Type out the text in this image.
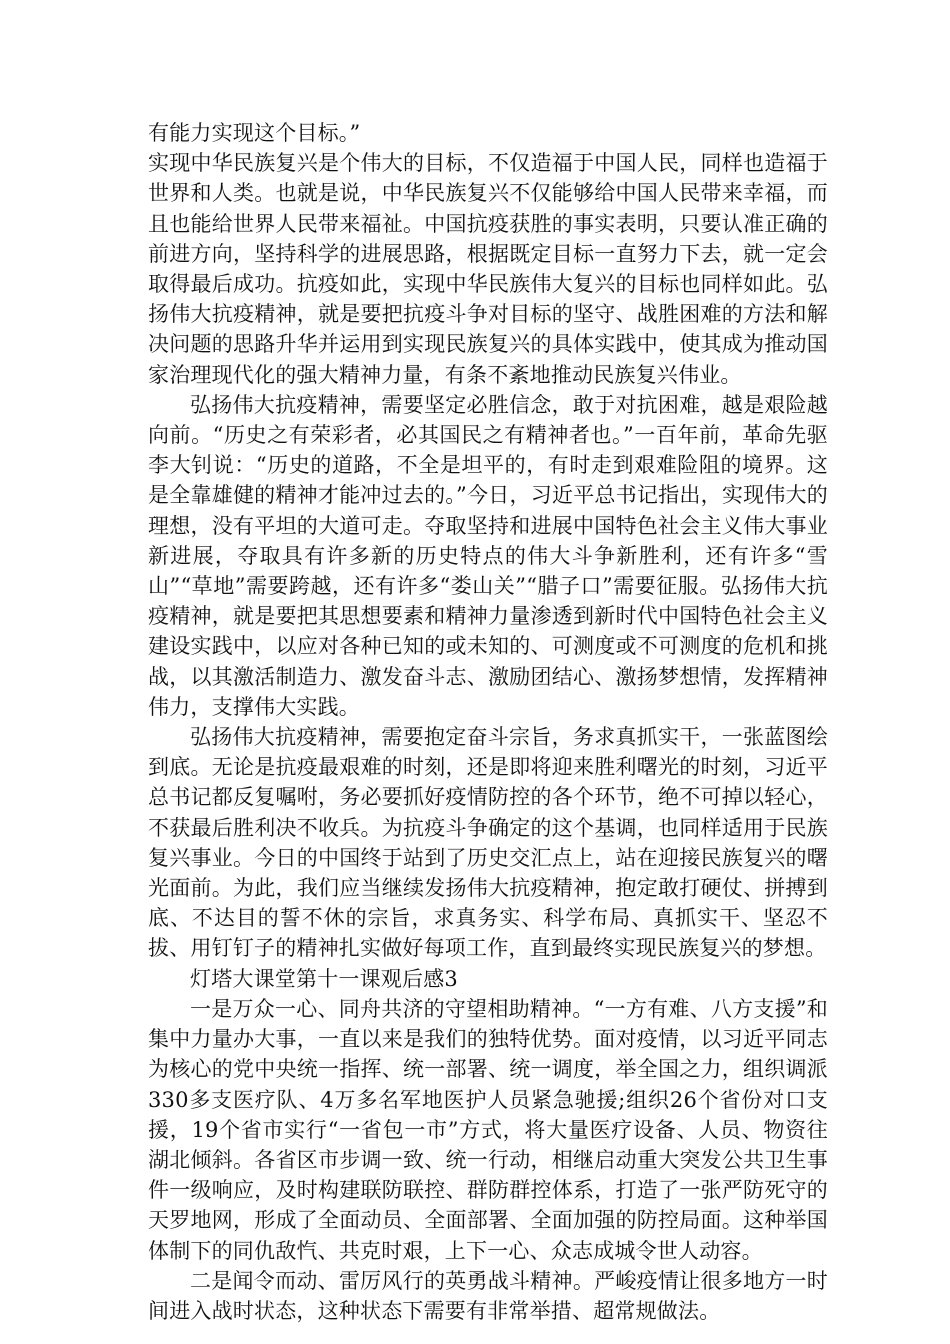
有能力实现这个目标。”

实现中华民族复兴是个伟大的目标，不仅造福于中国人民，同样也造福于世界和人类。也就是说，中华民族复兴不仅能够给中国人民带来幸福，而且也能给世界人民带来福祉。中国抗疫获胜的事实表明，只要认准正确的前进方向，坚持科学的进展思路，根据既定目标一直努力下去，就一定会取得最后成功。抗疫如此，实现中华民族伟大复兴的目标也同样如此。弘扬伟大抗疫精神，就是要把抗疫斗争对目标的坚守、战胜困难的方法和解决问题的思路升华并运用到实现民族复兴的具体实践中，使其成为推动国家治理现代化的强大精神力量，有条不紊地推动民族复兴伟业。

弘扬伟大抗疫精神，需要坚定必胜信念，敢于对抗困难，越是艰险越向前。“历史之有荣彩者，必其国民之有精神者也。”一百年前，革命先驱李大钊说：“历史的道路，不全是坦平的，有时走到艰难险阻的境界。这是全靠雄健的精神才能冲过去的。”今日，习近平总书记指出，实现伟大的理想，没有平坦的大道可走。夺取坚持和进展中国特色社会主义伟大事业新进展，夺取具有许多新的历史特点的伟大斗争新胜利，还有许多“雪山”“草地”需要跨越，还有许多“娄山关”“腊子口”需要征服。弘扬伟大抗疫精神，就是要把其思想要素和精神力量渗透到新时代中国特色社会主义建设实践中，以应对各种已知的或未知的、可测度或不可测度的危机和挑战，以其激活制造力、激发奋斗志、激励团结心、激扬梦想情，发挥精神伟力，支撑伟大实践。

弘扬伟大抗疫精神，需要抱定奋斗宗旨，务求真抓实干，一张蓝图绘到底。无论是抗疫最艰难的时刻，还是即将迎来胜利曙光的时刻，习近平总书记都反复嘱咐，务必要抓好疫情防控的各个环节，绝不可掉以轻心，不获最后胜利决不收兵。为抗疫斗争确定的这个基调，也同样适用于民族复兴事业。今日的中国终于站到了历史交汇点上，站在迎接民族复兴的曙光面前。为此，我们应当继续发扬伟大抗疫精神，抱定敢打硬仗、拼搏到底、不达目的誓不休的宗旨，求真务实、科学布局、真抓实干、坚忍不拔、用钉钉子的精神扎实做好每项工作，直到最终实现民族复兴的梦想。

灯塔大课堂第十一课观后感3

一是万众一心、同舟共济的守望相助精神。“一方有难、八方支援”和集中力量办大事，一直以来是我们的独特优势。面对疫情，以习近平同志为核心的党中央统一指挥、统一部署、统一调度，举全国之力，组织调派330多支医疗队、4万多名军地医护人员紧急驰援;组织26个省份对口支援，19个省市实行“一省包一市”方式，将大量医疗设备、人员、物资往湖北倾斜。各省区市步调一致、统一行动，相继启动重大突发公共卫生事件一级响应，及时构建联防联控、群防群控体系，打造了一张严防死守的天罗地网，形成了全面动员、全面部署、全面加强的防控局面。这种举国体制下的同仇敌忾、共克时艰，上下一心、众志成城令世人动容。

二是闻令而动、雷厉风行的英勇战斗精神。严峻疫情让很多地方一时间进入战时状态，这种状态下需要有非常举措、超常规做法。
